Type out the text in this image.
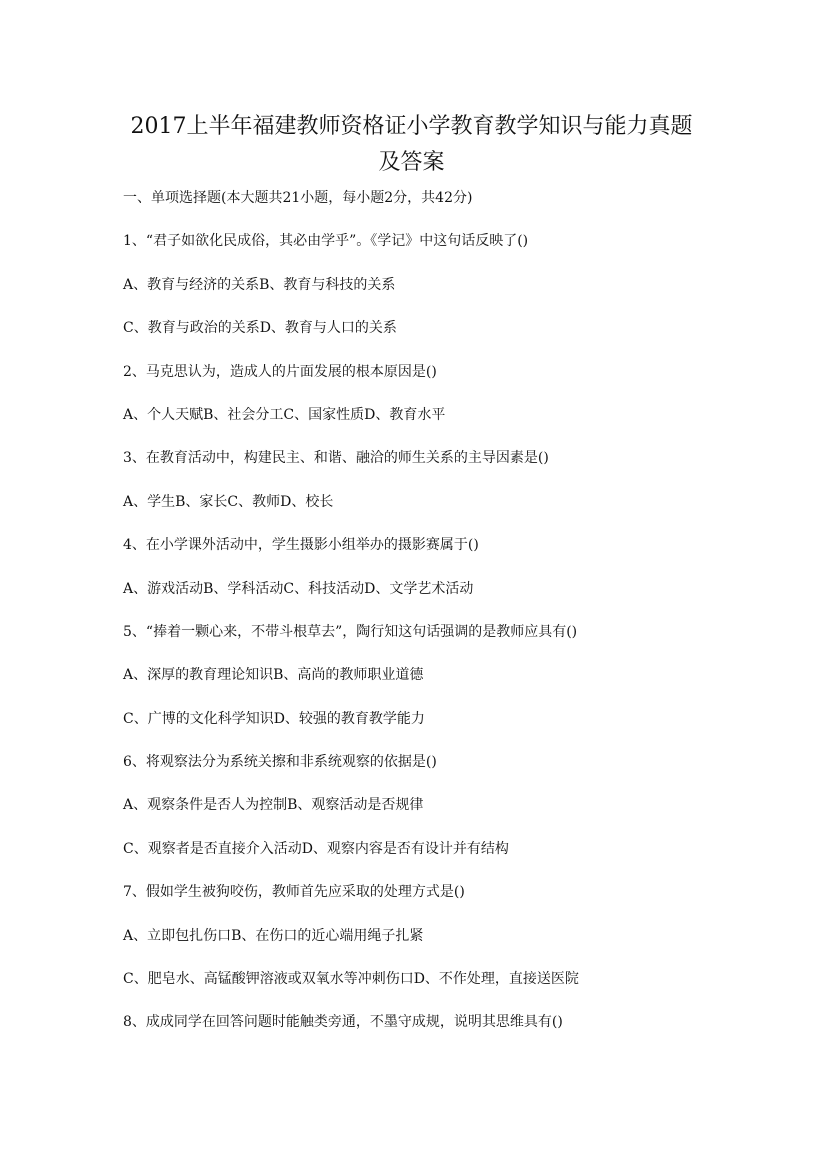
2017上半年福建教师资格证小学教育教学知识与能力真题
及答案
一、单项选择题(本大题共21小题，每小题2分，共42分)
1、“君子如欲化民成俗，其必由学乎”。《学记》中这句话反映了()
A、教育与经济的关系B、教育与科技的关系
C、教育与政治的关系D、教育与人口的关系
2、马克思认为，造成人的片面发展的根本原因是()
A、个人天赋B、社会分工C、国家性质D、教育水平
3、在教育活动中，构建民主、和谐、融洽的师生关系的主导因素是()
A、学生B、家长C、教师D、校长
4、在小学课外活动中，学生摄影小组举办的摄影赛属于()
A、游戏活动B、学科活动C、科技活动D、文学艺术活动
5、“捧着一颗心来，不带斗根草去”，陶行知这句话强调的是教师应具有()
A、深厚的教育理论知识B、高尚的教师职业道德
C、广博的文化科学知识D、较强的教育教学能力
6、将观察法分为系统关擦和非系统观察的依据是()
A、观察条件是否人为控制B、观察活动是否规律
C、观察者是否直接介入活动D、观察内容是否有设计并有结构
7、假如学生被狗咬伤，教师首先应采取的处理方式是()
A、立即包扎伤口B、在伤口的近心端用绳子扎紧
C、肥皂水、高锰酸钾溶液或双氧水等冲刺伤口D、不作处理，直接送医院
8、成成同学在回答问题时能触类旁通，不墨守成规，说明其思维具有()
